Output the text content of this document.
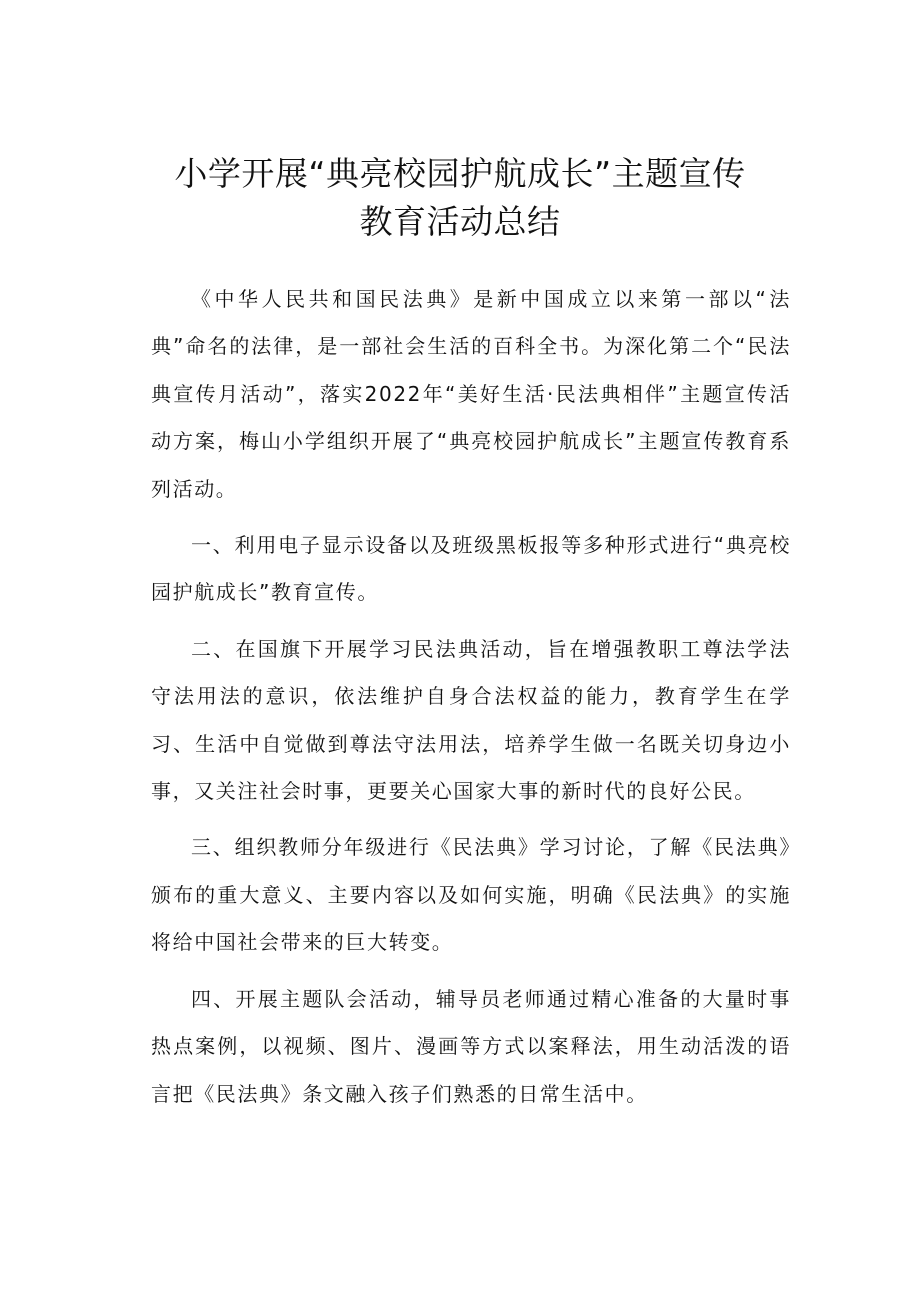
小学开展“典亮校园护航成长”主题宣传
教育活动总结

《中华人民共和国民法典》是新中国成立以来第一部以“法典”命名的法律，是一部社会生活的百科全书。为深化第二个“民法典宣传月活动”，落实2022年“美好生活·民法典相伴”主题宣传活动方案，梅山小学组织开展了“典亮校园护航成长”主题宣传教育系列活动。

一、利用电子显示设备以及班级黑板报等多种形式进行“典亮校园护航成长”教育宣传。

二、在国旗下开展学习民法典活动，旨在增强教职工尊法学法守法用法的意识，依法维护自身合法权益的能力，教育学生在学习、生活中自觉做到尊法守法用法，培养学生做一名既关切身边小事，又关注社会时事，更要关心国家大事的新时代的良好公民。

三、组织教师分年级进行《民法典》学习讨论，了解《民法典》颁布的重大意义、主要内容以及如何实施，明确《民法典》的实施将给中国社会带来的巨大转变。

四、开展主题队会活动，辅导员老师通过精心准备的大量时事热点案例，以视频、图片、漫画等方式以案释法，用生动活泼的语言把《民法典》条文融入孩子们熟悉的日常生活中。
